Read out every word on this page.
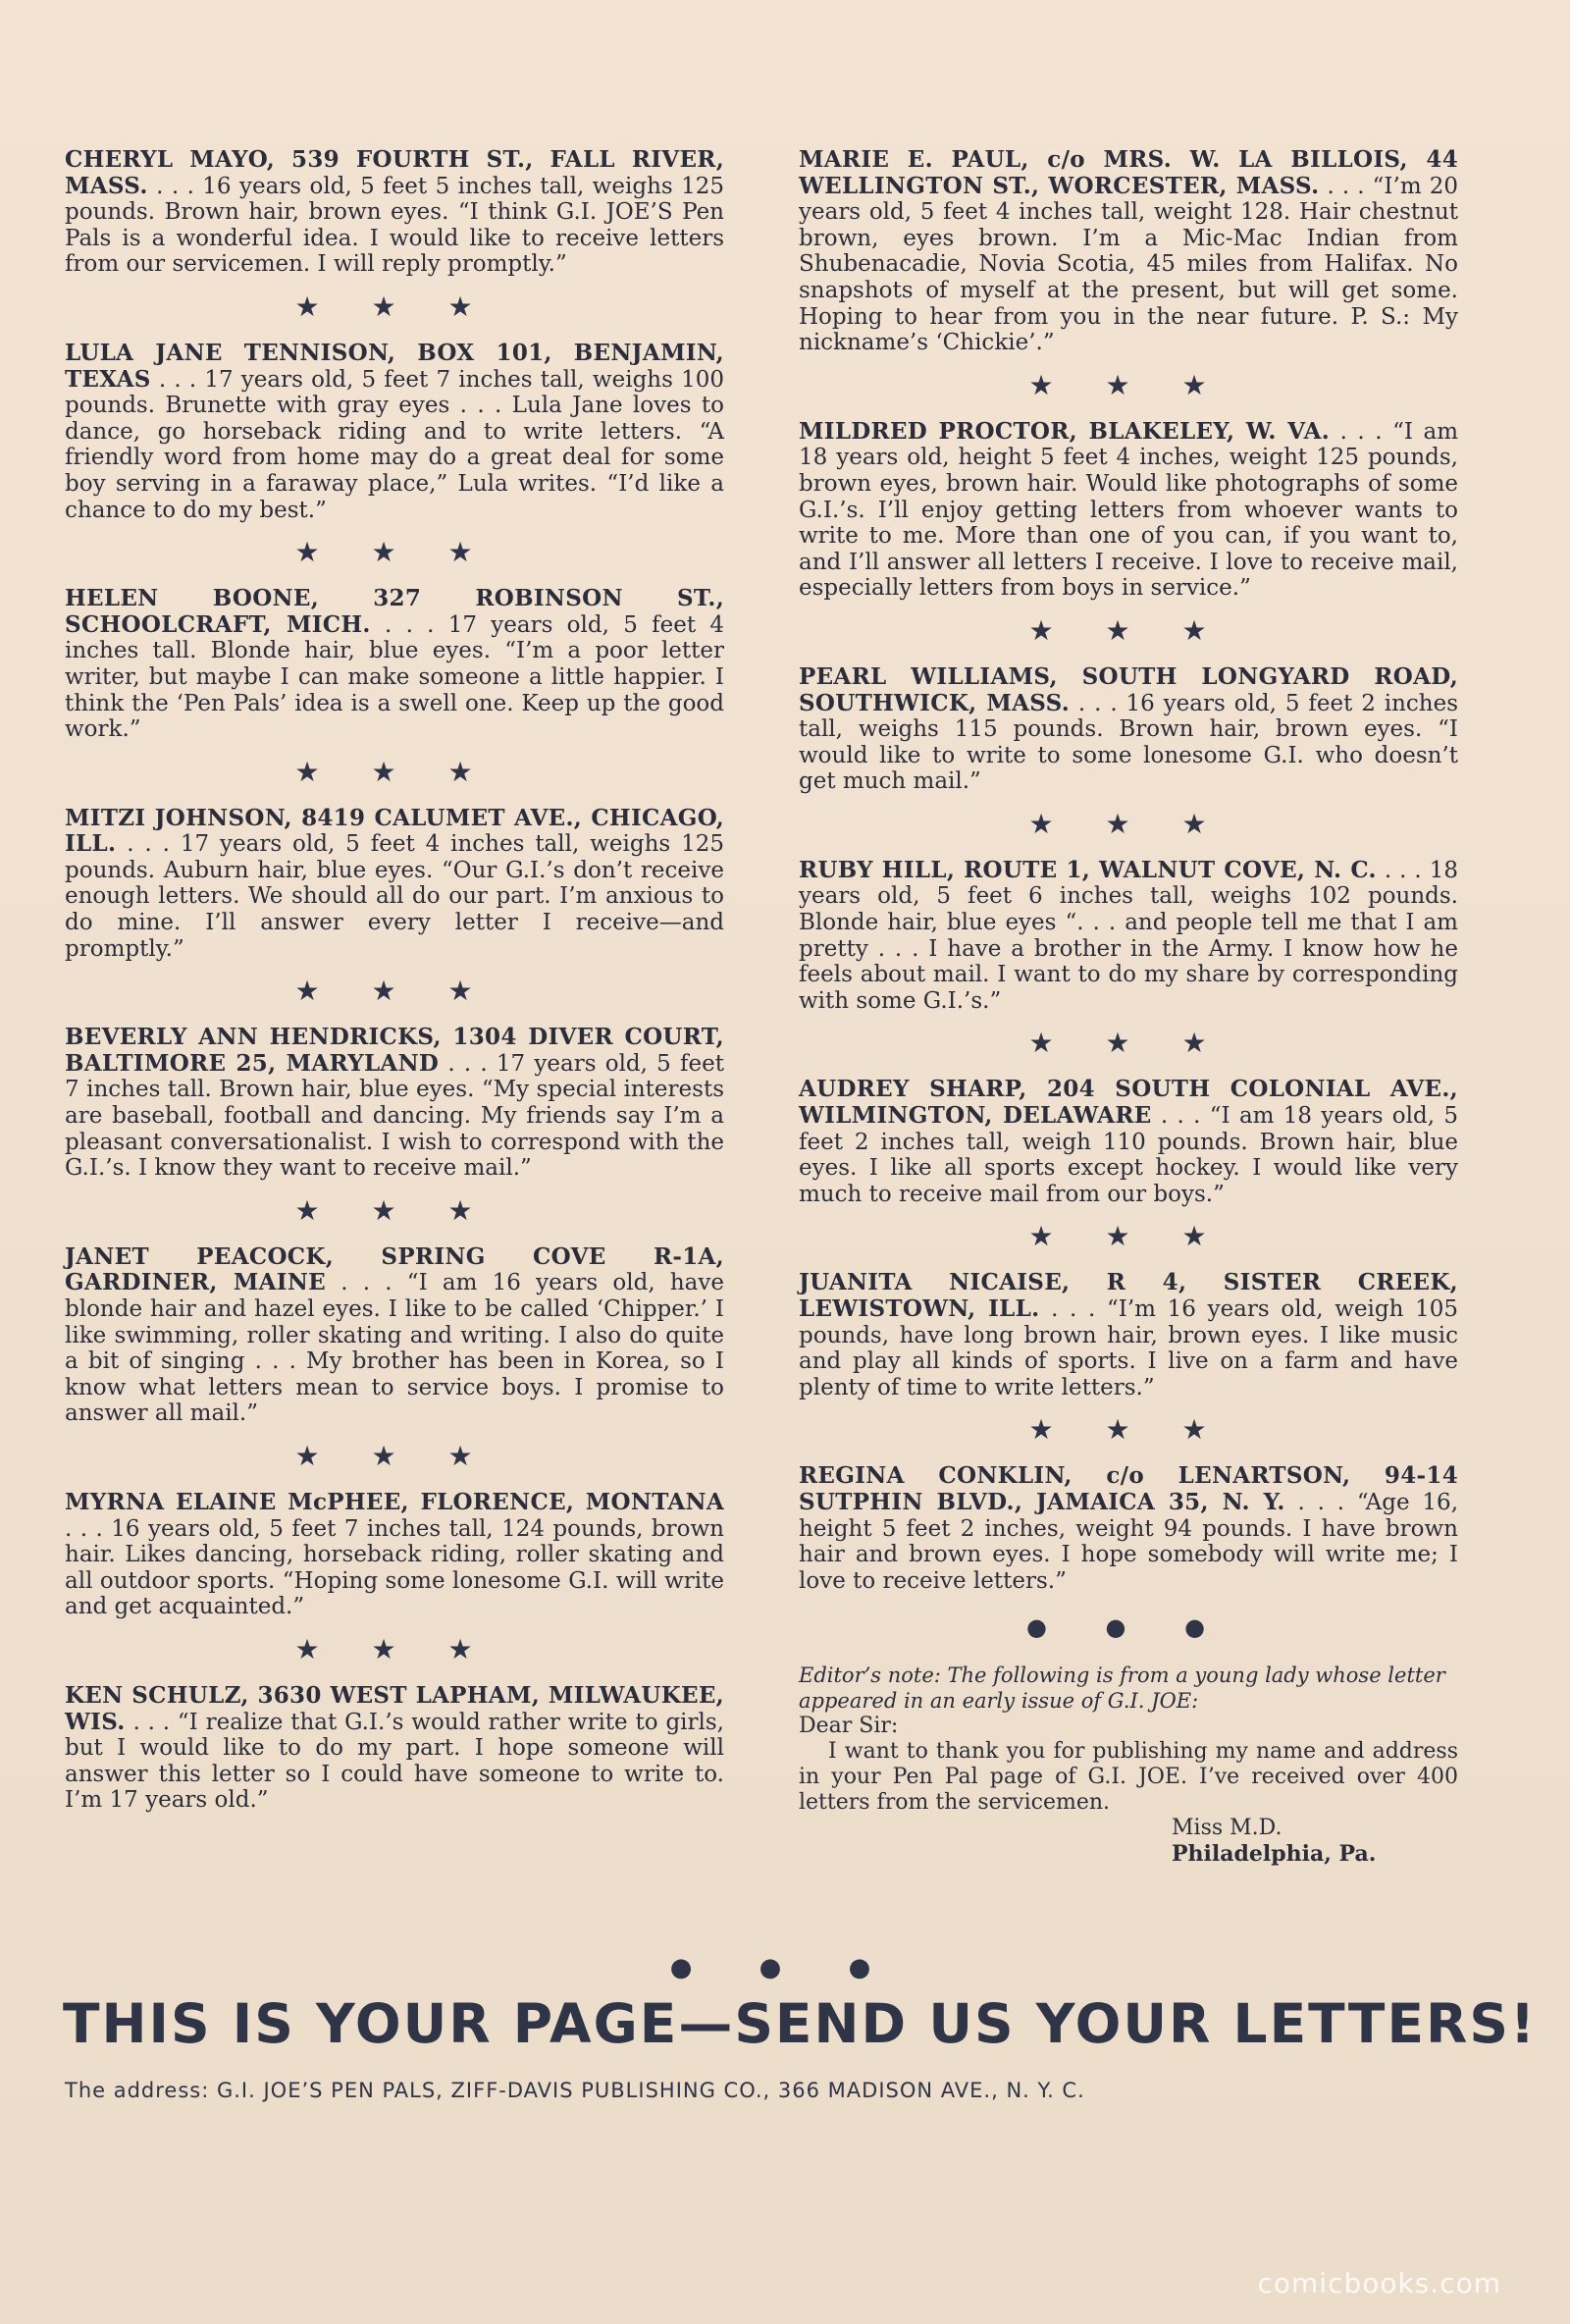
CHERYL MAYO, 539 FOURTH ST., FALL RIVER, MASS. . . . 16 years old, 5 feet 5 inches tall, weighs 125 pounds. Brown hair, brown eyes. “I think G.I. JOE’S Pen Pals is a wonderful idea. I would like to receive letters from our servicemen. I will reply promptly.”

★ ★ ★

LULA JANE TENNISON, BOX 101, BENJAMIN, TEXAS . . . 17 years old, 5 feet 7 inches tall, weighs 100 pounds. Brunette with gray eyes . . . Lula Jane loves to dance, go horseback riding and to write letters. “A friendly word from home may do a great deal for some boy serving in a faraway place,” Lula writes. “I’d like a chance to do my best.”

★ ★ ★

HELEN BOONE, 327 ROBINSON ST., SCHOOLCRAFT, MICH. . . . 17 years old, 5 feet 4 inches tall. Blonde hair, blue eyes. “I’m a poor letter writer, but maybe I can make someone a little happier. I think the ‘Pen Pals’ idea is a swell one. Keep up the good work.”

★ ★ ★

MITZI JOHNSON, 8419 CALUMET AVE., CHICAGO, ILL. . . . 17 years old, 5 feet 4 inches tall, weighs 125 pounds. Auburn hair, blue eyes. “Our G.I.’s don’t receive enough letters. We should all do our part. I’m anxious to do mine. I’ll answer every letter I receive—and promptly.”

★ ★ ★

BEVERLY ANN HENDRICKS, 1304 DIVER COURT, BALTIMORE 25, MARYLAND . . . 17 years old, 5 feet 7 inches tall. Brown hair, blue eyes. “My special interests are baseball, football and dancing. My friends say I’m a pleasant conversationalist. I wish to correspond with the G.I.’s. I know they want to receive mail.”

★ ★ ★

JANET PEACOCK, SPRING COVE R-1A, GARDINER, MAINE . . . “I am 16 years old, have blonde hair and hazel eyes. I like to be called ‘Chipper.’ I like swimming, roller skating and writing. I also do quite a bit of singing . . . My brother has been in Korea, so I know what letters mean to service boys. I promise to answer all mail.”

★ ★ ★

MYRNA ELAINE McPHEE, FLORENCE, MONTANA . . . 16 years old, 5 feet 7 inches tall, 124 pounds, brown hair. Likes dancing, horseback riding, roller skating and all outdoor sports. “Hoping some lonesome G.I. will write and get acquainted.”

★ ★ ★

KEN SCHULZ, 3630 WEST LAPHAM, MILWAUKEE, WIS. . . . “I realize that G.I.’s would rather write to girls, but I would like to do my part. I hope someone will answer this letter so I could have someone to write to. I’m 17 years old.”

MARIE E. PAUL, c/o MRS. W. LA BILLOIS, 44 WELLINGTON ST., WORCESTER, MASS. . . . “I’m 20 years old, 5 feet 4 inches tall, weight 128. Hair chestnut brown, eyes brown. I’m a Mic-Mac Indian from Shubenacadie, Novia Scotia, 45 miles from Halifax. No snapshots of myself at the present, but will get some. Hoping to hear from you in the near future. P. S.: My nickname’s ‘Chickie’.”

★ ★ ★

MILDRED PROCTOR, BLAKELEY, W. VA. . . . “I am 18 years old, height 5 feet 4 inches, weight 125 pounds, brown eyes, brown hair. Would like photographs of some G.I.’s. I’ll enjoy getting letters from whoever wants to write to me. More than one of you can, if you want to, and I’ll answer all letters I receive. I love to receive mail, especially letters from boys in service.”

★ ★ ★

PEARL WILLIAMS, SOUTH LONGYARD ROAD, SOUTHWICK, MASS. . . . 16 years old, 5 feet 2 inches tall, weighs 115 pounds. Brown hair, brown eyes. “I would like to write to some lonesome G.I. who doesn’t get much mail.”

★ ★ ★

RUBY HILL, ROUTE 1, WALNUT COVE, N. C. . . . 18 years old, 5 feet 6 inches tall, weighs 102 pounds. Blonde hair, blue eyes “. . . and people tell me that I am pretty . . . I have a brother in the Army. I know how he feels about mail. I want to do my share by corresponding with some G.I.’s.”

★ ★ ★

AUDREY SHARP, 204 SOUTH COLONIAL AVE., WILMINGTON, DELAWARE . . . “I am 18 years old, 5 feet 2 inches tall, weigh 110 pounds. Brown hair, blue eyes. I like all sports except hockey. I would like very much to receive mail from our boys.”

★ ★ ★

JUANITA NICAISE, R 4, SISTER CREEK, LEWISTOWN, ILL. . . . “I’m 16 years old, weigh 105 pounds, have long brown hair, brown eyes. I like music and play all kinds of sports. I live on a farm and have plenty of time to write letters.”

★ ★ ★

REGINA CONKLIN, c/o LENARTSON, 94-14 SUTPHIN BLVD., JAMAICA 35, N. Y. . . . “Age 16, height 5 feet 2 inches, weight 94 pounds. I have brown hair and brown eyes. I hope somebody will write me; I love to receive letters.”

● ● ●

Editor’s note: The following is from a young lady whose letter appeared in an early issue of G.I. JOE:

Dear Sir:

I want to thank you for publishing my name and address in your Pen Pal page of G.I. JOE. I’ve received over 400 letters from the servicemen.

Miss M.D.
Philadelphia, Pa.
● ● ●
THIS IS YOUR PAGE—SEND US YOUR LETTERS!
The address: G.I. JOE’S PEN PALS, ZIFF-DAVIS PUBLISHING CO., 366 MADISON AVE., N. Y. C.
comicbooks.com
